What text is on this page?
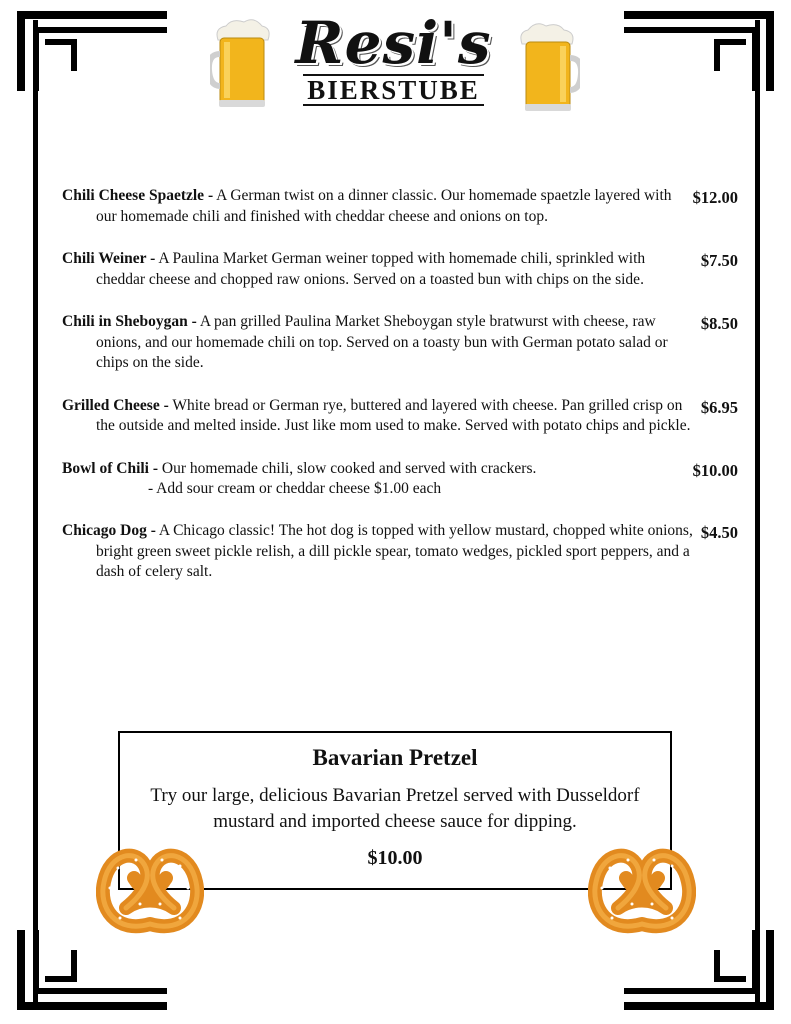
Resi's
BIERSTUBE
Chili Cheese Spaetzle - A German twist on a dinner classic. Our homemade spaetzle layered with our homemade chili and finished with cheddar cheese and onions on top.
$12.00
Chili Weiner - A Paulina Market German weiner topped with homemade chili, sprinkled with cheddar cheese and chopped raw onions. Served on a toasted bun with chips on the side.
$7.50
Chili in Sheboygan - A pan grilled Paulina Market Sheboygan style bratwurst with cheese, raw onions, and our homemade chili on top. Served on a toasty bun with German potato salad or chips on the side.
$8.50
Grilled Cheese - White bread or German rye, buttered and layered with cheese. Pan grilled crisp on the outside and melted inside. Just like mom used to make. Served with potato chips and pickle.
$6.95
Bowl of Chili - Our homemade chili, slow cooked and served with crackers.
- Add sour cream or cheddar cheese $1.00 each
$10.00
Chicago Dog - A Chicago classic! The hot dog is topped with yellow mustard, chopped white onions, bright green sweet pickle relish, a dill pickle spear, tomato wedges, pickled sport peppers, and a dash of celery salt.
$4.50
Bavarian Pretzel
Try our large, delicious Bavarian Pretzel served with Dusseldorf mustard and imported cheese sauce for dipping.
$10.00
